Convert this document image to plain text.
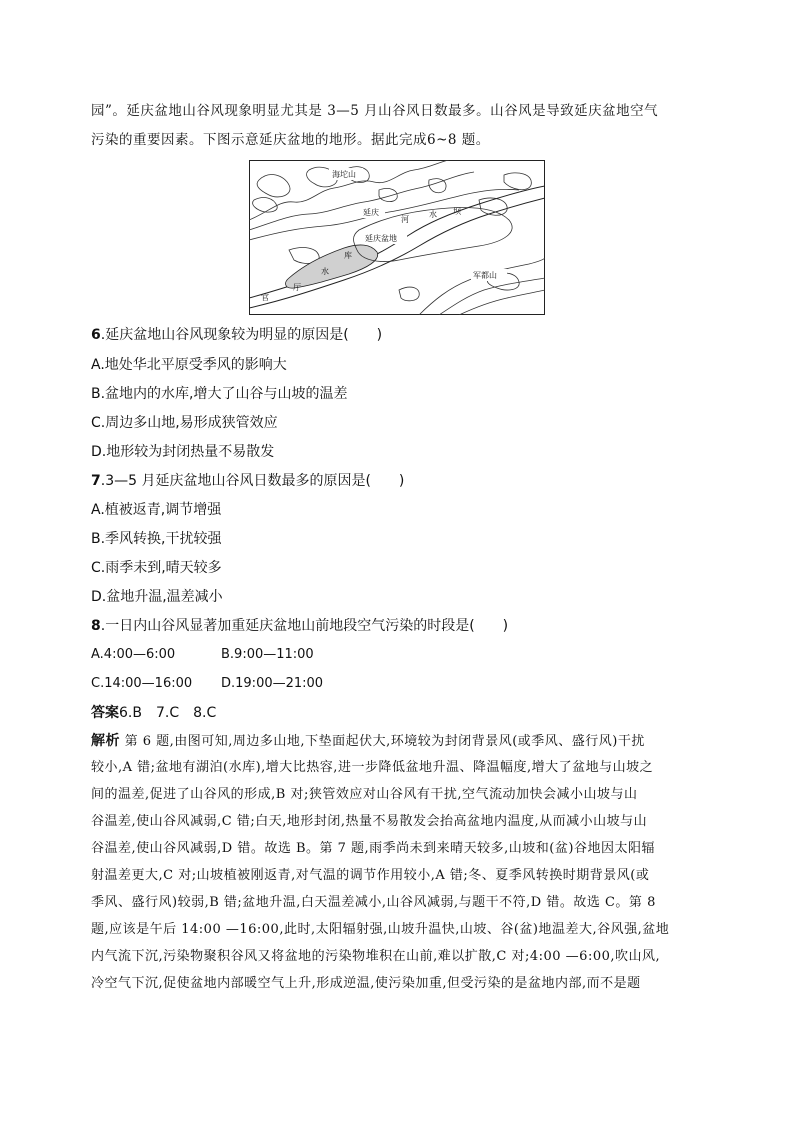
园”。延庆盆地山谷风现象明显尤其是 3—5 月山谷风日数最多。山谷风是导致延庆盆地空气
污染的重要因素。下图示意延庆盆地的地形。据此完成6~8 题。
海坨山
延庆
河
水 坝
延庆盆地
水
库
官
厅
军都山
6.延庆盆地山谷风现象较为明显的原因是(　　)
A.地处华北平原受季风的影响大
B.盆地内的水库,增大了山谷与山坡的温差
C.周边多山地,易形成狭管效应
D.地形较为封闭热量不易散发
7.3—5 月延庆盆地山谷风日数最多的原因是(　　)
A.植被返青,调节增强
B.季风转换,干扰较强
C.雨季未到,晴天较多
D.盆地升温,温差减小
8.一日内山谷风显著加重延庆盆地山前地段空气污染的时段是(　　)
A.4:00—6:00	B.9:00—11:00
C.14:00—16:00 D.19:00—21:00
答案6.B　7.C　8.C
解析 第 6 题,由图可知,周边多山地,下垫面起伏大,环境较为封闭背景风(或季风、盛行风)干扰
较小,A 错;盆地有湖泊(水库),增大比热容,进一步降低盆地升温、降温幅度,增大了盆地与山坡之
间的温差,促进了山谷风的形成,B 对;狭管效应对山谷风有干扰,空气流动加快会减小山坡与山
谷温差,使山谷风减弱,C 错;白天,地形封闭,热量不易散发会抬高盆地内温度,从而减小山坡与山
谷温差,使山谷风减弱,D 错。故选 B。第 7 题,雨季尚未到来晴天较多,山坡和(盆)谷地因太阳辐
射温差更大,C 对;山坡植被刚返青,对气温的调节作用较小,A 错;冬、夏季风转换时期背景风(或
季风、盛行风)较弱,B 错;盆地升温,白天温差减小,山谷风减弱,与题干不符,D 错。故选 C。第 8
题,应该是午后 14:00 —16:00,此时,太阳辐射强,山坡升温快,山坡、谷(盆)地温差大,谷风强,盆地
内气流下沉,污染物聚积谷风又将盆地的污染物堆积在山前,难以扩散,C 对;4:00 —6:00,吹山风,
冷空气下沉,促使盆地内部暖空气上升,形成逆温,使污染加重,但受污染的是盆地内部,而不是题
